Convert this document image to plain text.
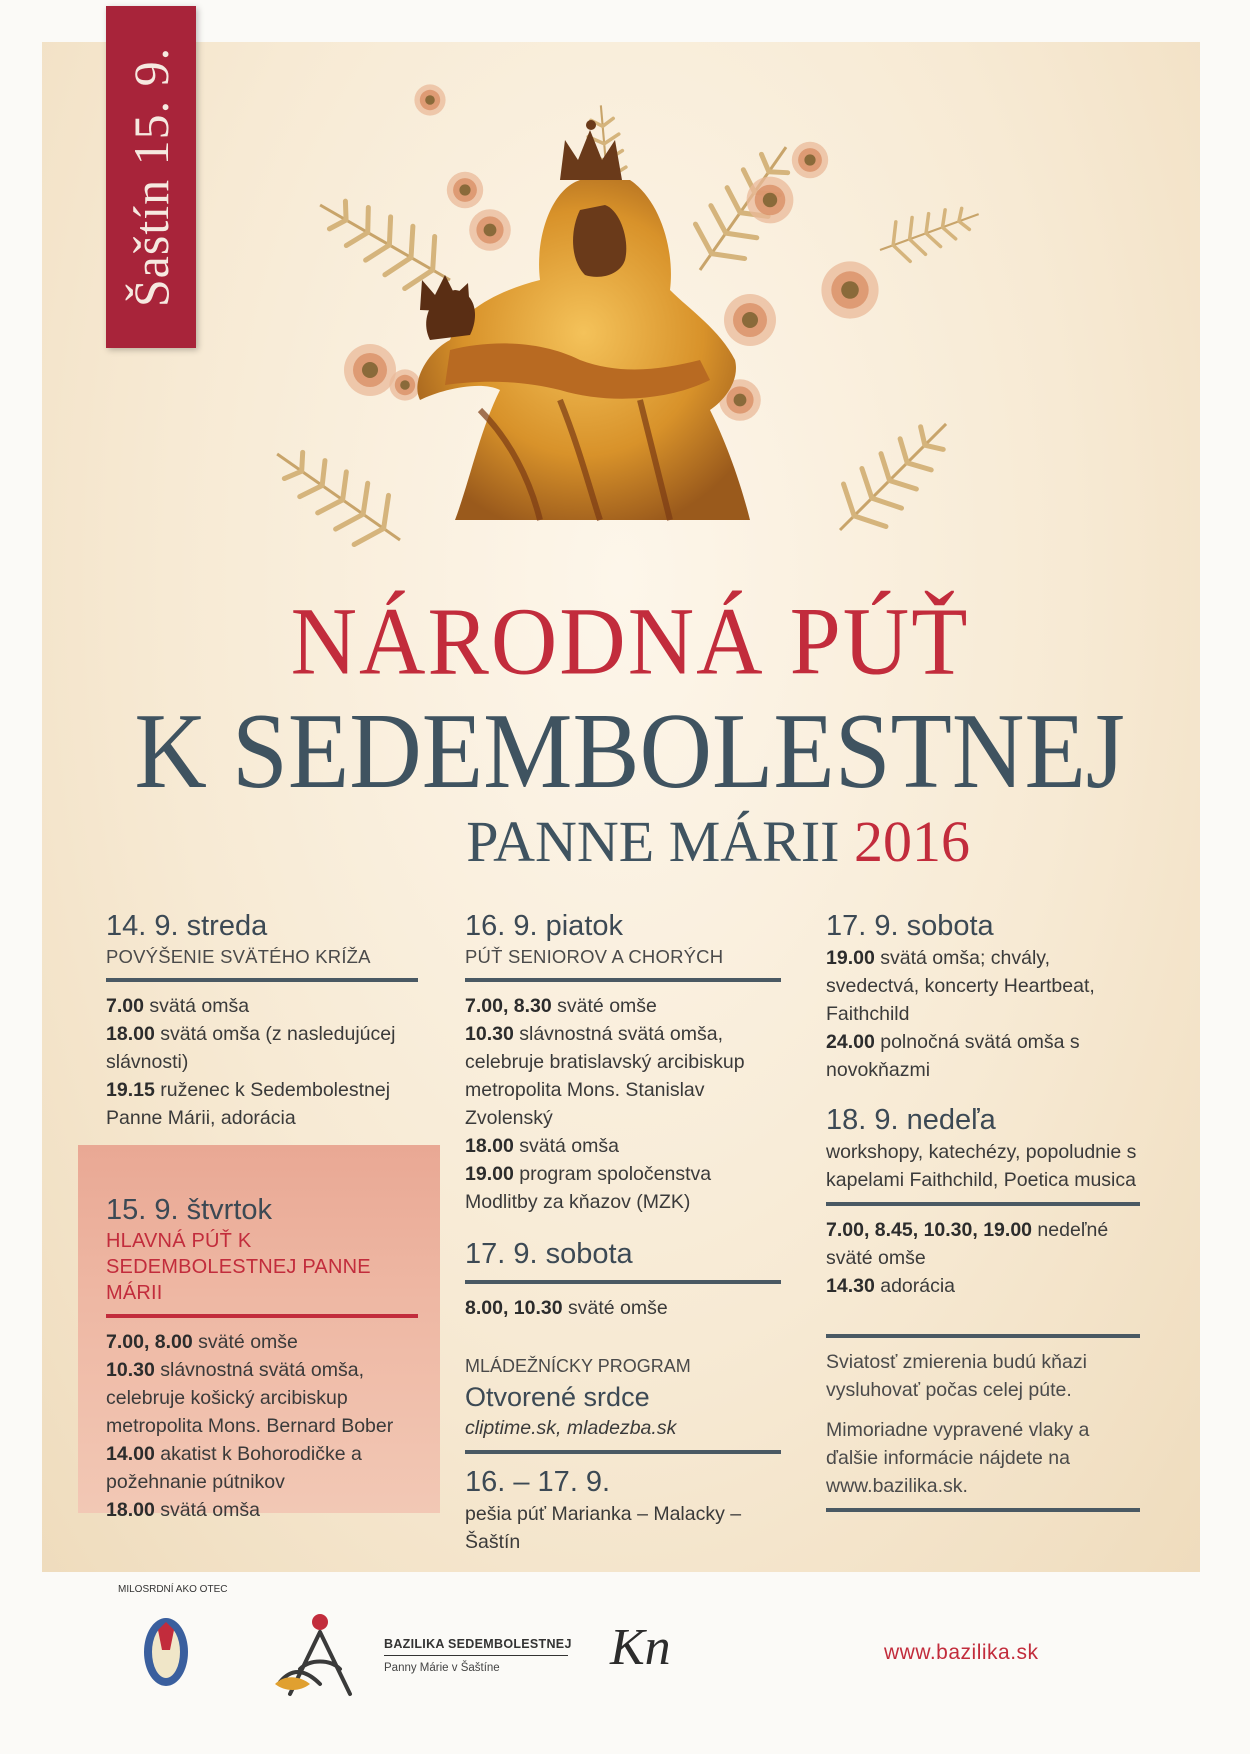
Šaštín 15. 9.
NÁRODNÁ PÚŤ
K SEDEMBOLESTNEJ
PANNE MÁRII 2016
14. 9. streda
POVÝŠENIE SVÄTÉHO KRÍŽA

7.00 svätá omša

18.00 svätá omša (z nasledujúcej slávnosti)

19.15 ruženec k Sedembolestnej Panne Márii, adorácia

15. 9. štvrtok
HLAVNÁ PÚŤ K SEDEMBOLESTNEJ PANNE MÁRII

7.00, 8.00 sväté omše

10.30 slávnostná svätá omša, celebruje košický arcibiskup metropolita Mons. Bernard Bober

14.00 akatist k Bohorodičke a požehnanie pútnikov

18.00 svätá omša

16. 9. piatok
PÚŤ SENIOROV A CHORÝCH

7.00, 8.30 sväté omše

10.30 slávnostná svätá omša, celebruje bratislavský arcibiskup metropolita Mons. Stanislav Zvolenský

18.00 svätá omša

19.00 program spoločenstva Modlitby za kňazov (MZK)

17. 9. sobota

8.00, 10.30 sväté omše

MLÁDEŽNÍCKY PROGRAM
Otvorené srdce
cliptime.sk, mladezba.sk
16. – 17. 9.
pešia púť Marianka – Malacky – Šaštín
17. 9. sobota

19.00 svätá omša; chvály, svedectvá, koncerty Heartbeat, Faithchild

24.00 polnočná svätá omša s novokňazmi

18. 9. nedeľa
workshopy, katechézy, popoludnie s kapelami Faithchild, Poetica musica

7.00, 8.45, 10.30, 19.00 nedeľné sväté omše

14.30 adorácia

Sviatosť zmierenia budú kňazi vysluhovať počas celej púte.

Mimoriadne vypravené vlaky a ďalšie informácie nájdete na www.bazilika.sk.

MILOSRDNÍ AKO OTEC
BAZILIKA SEDEMBOLESTNEJ
Panny Márie v Šaštíne Kn	www.bazilika.sk
